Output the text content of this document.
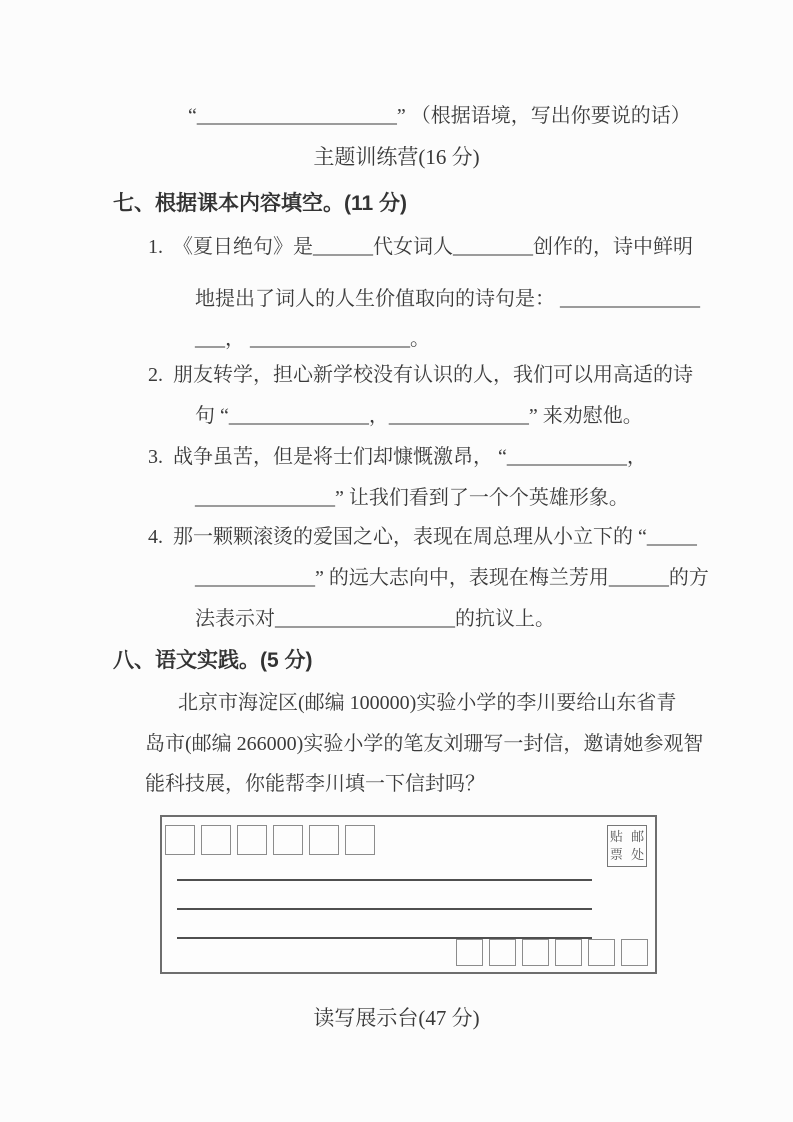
“____________________” （根据语境，写出你要说的话）
主题训练营(16 分)
七、根据课本内容填空。(11 分)
1.  《夏日绝句》是______代女词人________创作的，诗中鲜明
地提出了词人的人生价值取向的诗句是： ______________
___， ________________。
2.  朋友转学，担心新学校没有认识的人，我们可以用高适的诗
句 “______________，______________” 来劝慰他。
3.  战争虽苦，但是将士们却慷慨激昂， “____________，
______________” 让我们看到了一个个英雄形象。
4.  那一颗颗滚烫的爱国之心，表现在周总理从小立下的 “_____
____________” 的远大志向中，表现在梅兰芳用______的方
法表示对__________________的抗议上。
八、语文实践。(5 分)
北京市海淀区(邮编 100000)实验小学的李川要给山东省青
岛市(邮编 266000)实验小学的笔友刘珊写一封信，邀请她参观智
能科技展，你能帮李川填一下信封吗？
贴 邮
票 处
读写展示台(47 分)
